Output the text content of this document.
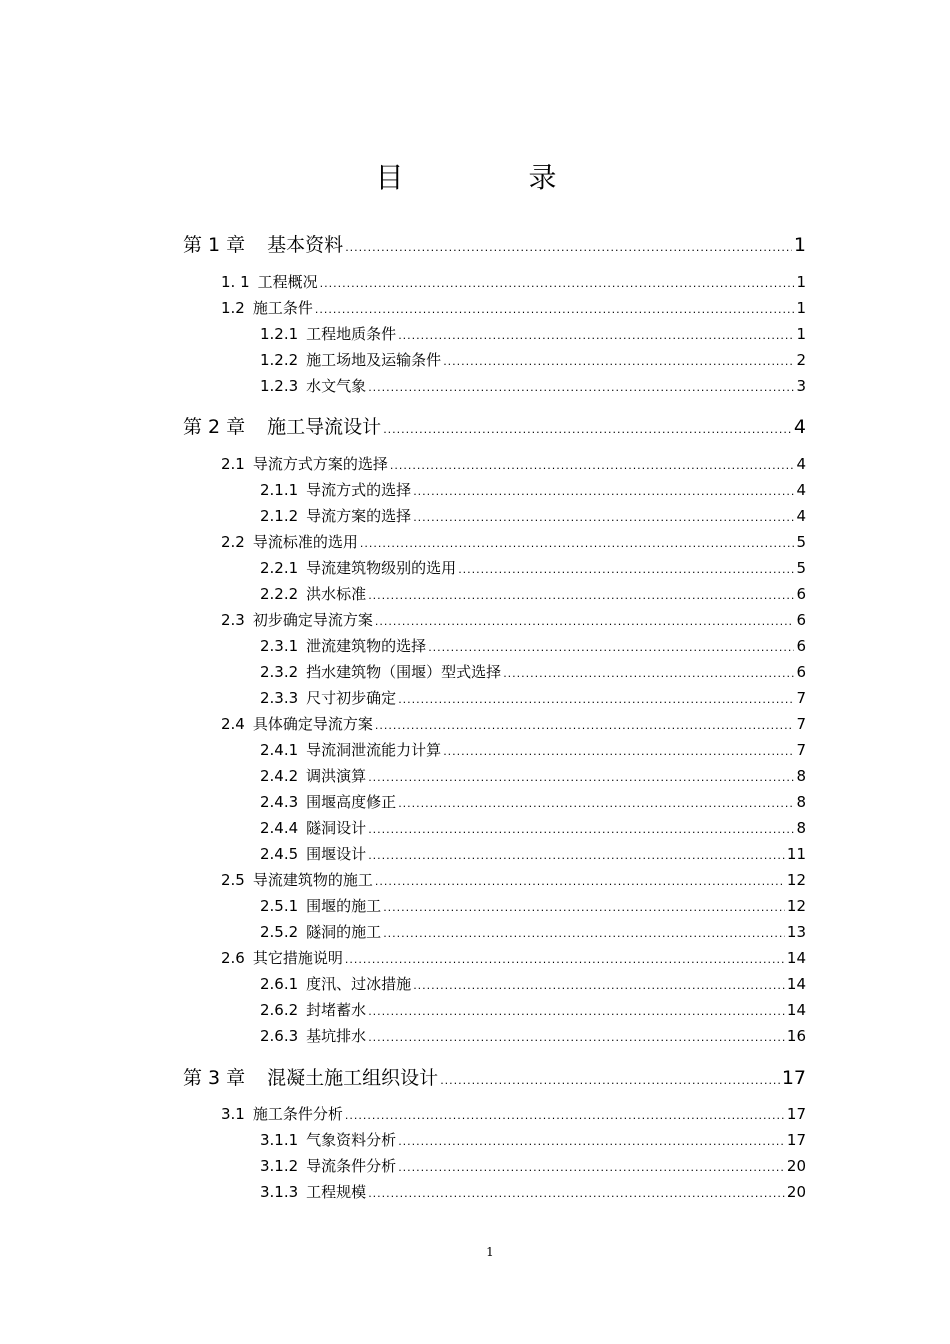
目 录
第 1 章 基本资料 .....	1
1. 1 工程概况 .....	1
1.2 施工条件 .....	1
1.2.1 工程地质条件 .....	1
1.2.2 施工场地及运输条件 .....	2
1.2.3 水文气象 .....	3
第 2 章 施工导流设计 .....	4
2.1 导流方式方案的选择 .....	4
2.1.1 导流方式的选择 .....	4
2.1.2 导流方案的选择 .....	4
2.2 导流标准的选用 .....	5
2.2.1 导流建筑物级别的选用 .....	5
2.2.2 洪水标准 .....	6
2.3 初步确定导流方案 .....	6
2.3.1 泄流建筑物的选择 .....	6
2.3.2 挡水建筑物（围堰）型式选择 .....	6
2.3.3 尺寸初步确定 .....	7
2.4 具体确定导流方案 .....	7
2.4.1 导流洞泄流能力计算 .....	7
2.4.2 调洪演算 .....	8
2.4.3 围堰高度修正 .....	8
2.4.4 隧洞设计 .....	8
2.4.5 围堰设计 .....	11
2.5 导流建筑物的施工 .....	12
2.5.1 围堰的施工 .....	12
2.5.2 隧洞的施工 .....	13
2.6 其它措施说明 .....	14
2.6.1 度汛、过冰措施 .....	14
2.6.2 封堵蓄水 .....	14
2.6.3 基坑排水 .....	16
第 3 章 混凝土施工组织设计 .....	17
3.1 施工条件分析 .....	17
3.1.1 气象资料分析 .....	17
3.1.2 导流条件分析 .....	20
3.1.3 工程规模 .....	20
1
